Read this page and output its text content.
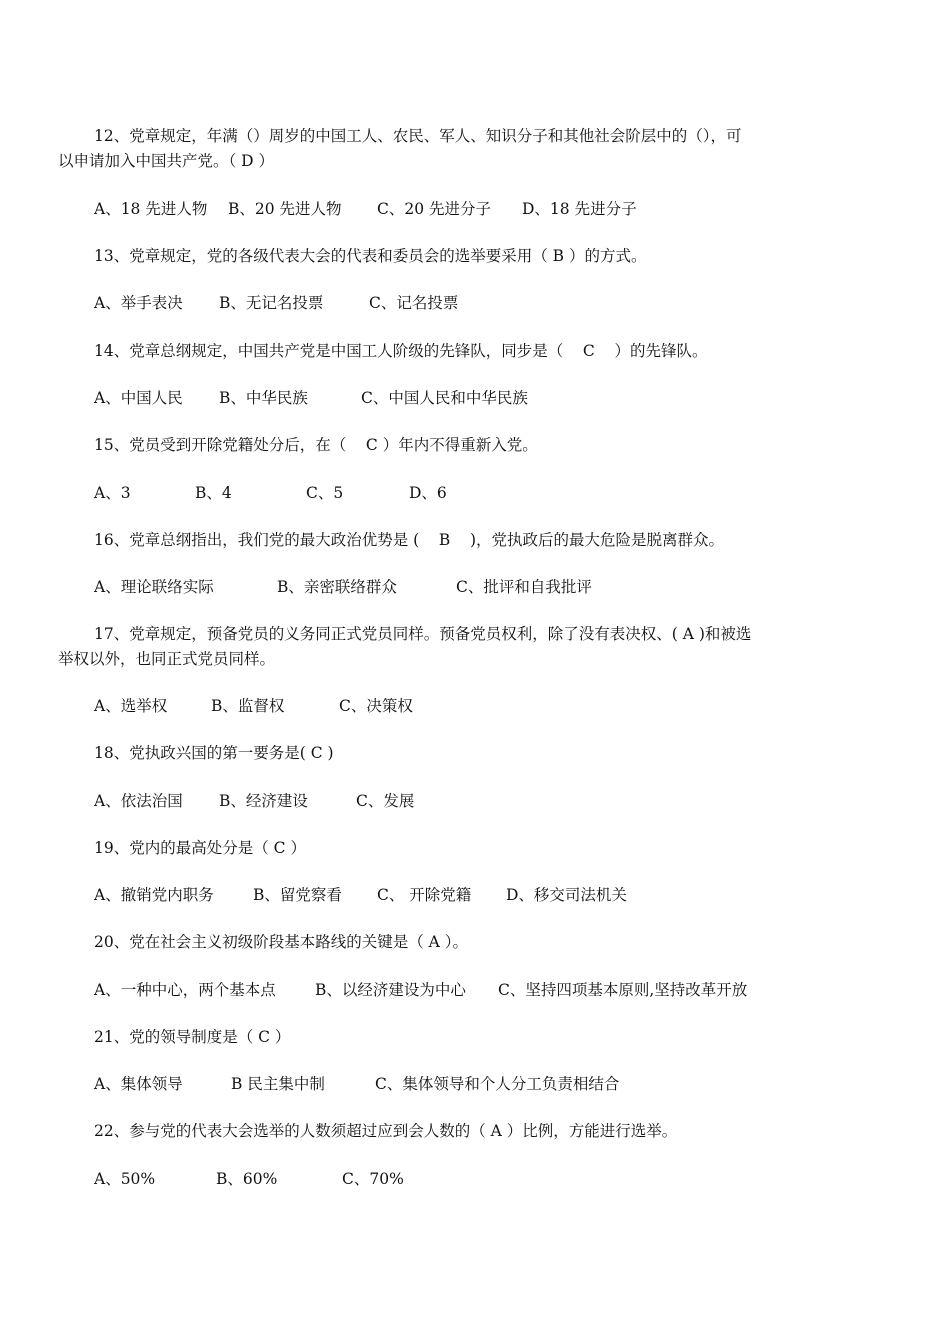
12、党章规定，年满（）周岁的中国工人、农民、军人、知识分子和其他社会阶层中的（），可
以申请加入中国共产党。（ D ）
A、18 先进人物 B、20 先进人物 C、20 先进分子 D、18 先进分子
13、党章规定，党的各级代表大会的代表和委员会的选举要采用（ B ）的方式。
A、举手表决 B、无记名投票	C、记名投票
14、党章总纲规定，中国共产党是中国工人阶级的先锋队，同步是（    C    ）的先锋队。
A、中国人民 B、中华民族	C、中国人民和中华民族
15、党员受到开除党籍处分后，在（    C ）年内不得重新入党。
A、3	B、4	C、5	D、6
16、党章总纲指出，我们党的最大政治优势是 (    B    )，党执政后的最大危险是脱离群众。
A、理论联络实际	B、亲密联络群众	C、批评和自我批评
17、党章规定，预备党员的义务同正式党员同样。预备党员权利，除了没有表决权、( A )和被选
举权以外，也同正式党员同样。
A、选举权	B、监督权	C、决策权
18、党执政兴国的第一要务是( C )
A、依法治国 B、经济建设	C、发展
19、党内的最高处分是（ C ）
A、撤销党内职务	B、留党察看 C、 开除党籍 D、移交司法机关
20、党在社会主义初级阶段基本路线的关键是（ A ）。
A、一种中心，两个基本点	B、以经济建设为中心 C、坚持四项基本原则,坚持改革开放
21、党的领导制度是（ C ）
A、集体领导	B 民主集中制	C、集体领导和个人分工负责相结合
22、参与党的代表大会选举的人数须超过应到会人数的（ A ）比例，方能进行选举。
A、50%	B、60%	C、70%
